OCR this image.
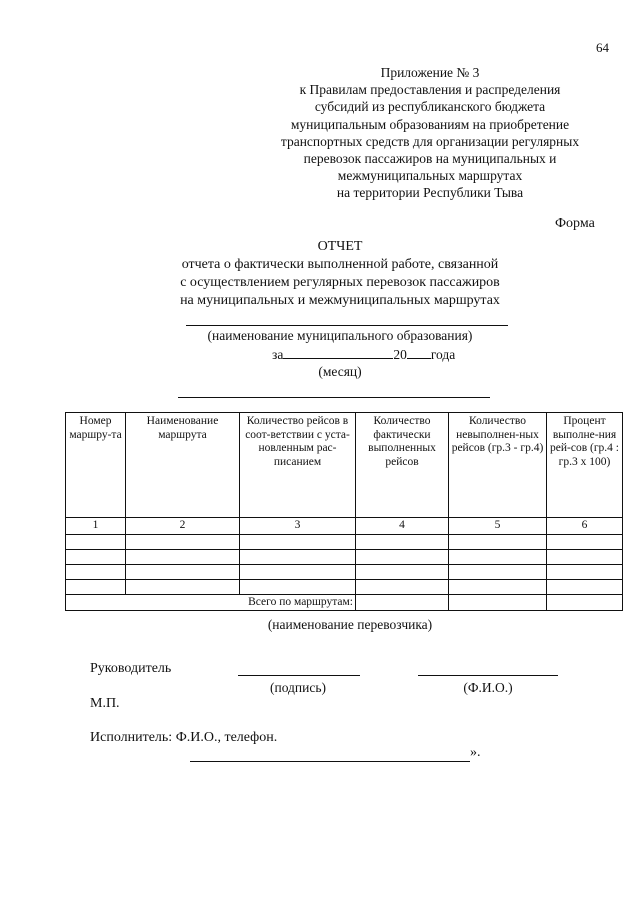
64
Приложение № 3
к Правилам предоставления и распределения
субсидий из республиканского бюджета
муниципальным образованиям на приобретение
транспортных средств для организации регулярных
перевозок пассажиров на муниципальных и
межмуниципальных маршрутах
на территории Республики Тыва
Форма
ОТЧЕТ
отчета о фактически выполненной работе, связанной
с осуществлением регулярных перевозок пассажиров
на муниципальных и межмуниципальных маршрутах
(наименование муниципального образования)
за	20 года
(месяц)
Номер маршру-та	Наименование маршрута	Количество рейсов в соот-ветствии с уста-новленным рас-писанием	Количество фактически выполненных рейсов	Количество невыполнен-ных рейсов (гр.3 - гр.4)	Процент выполне-ния рей-сов (гр.4 : гр.3 x 100)
1	2	3	4	5	6

Всего по маршрутам:					
(наименование перевозчика)
Руководитель
(подпись)	(Ф.И.О.)
М.П.
Исполнитель: Ф.И.О., телефон.
».
